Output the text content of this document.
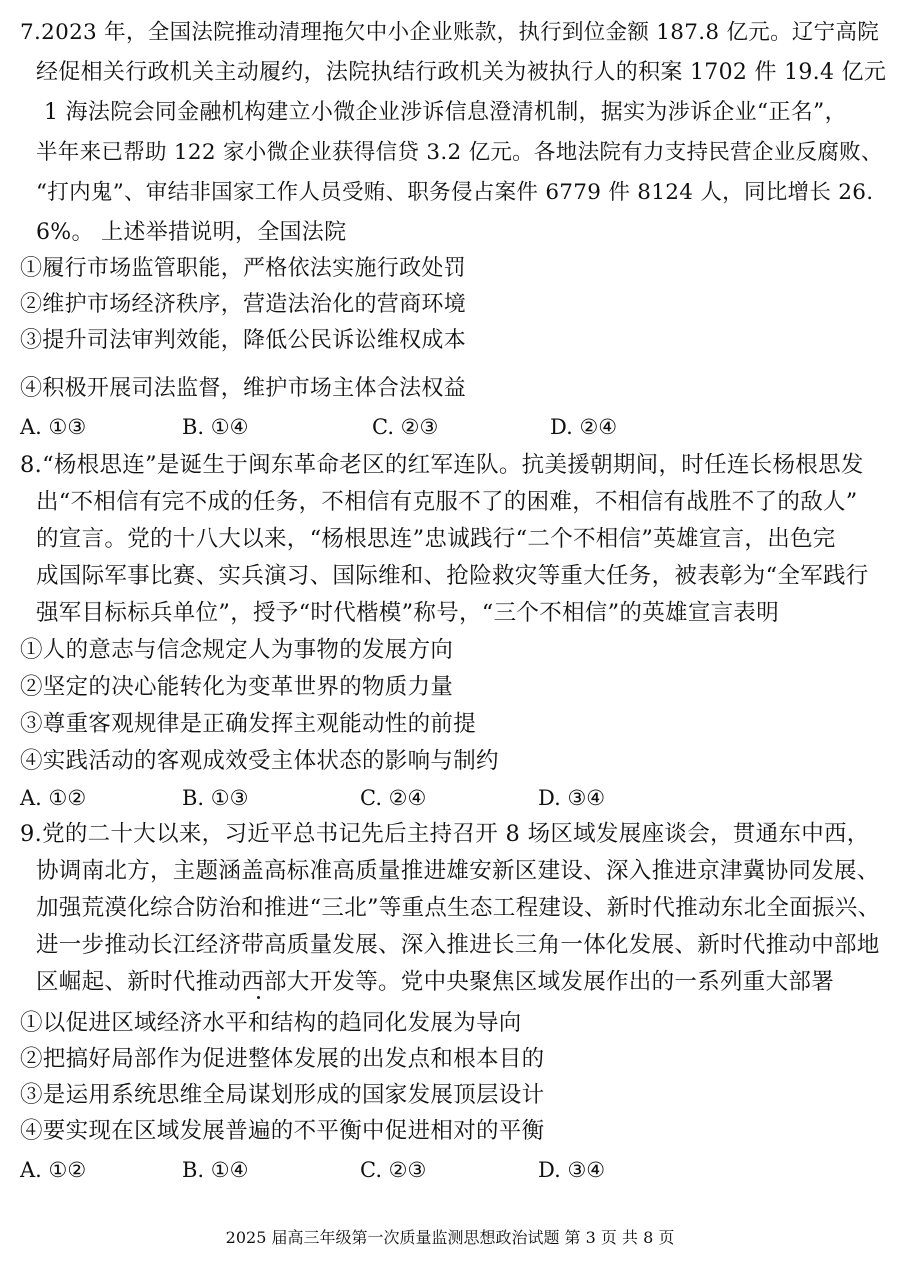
7.2023 年，全国法院推动清理拖欠中小企业账款，执行到位金额 187.8 亿元。辽宁高院
经促相关行政机关主动履约，法院执结行政机关为被执行人的积案 1702 件 19.4 亿元
1 海法院会同金融机构建立小微企业涉诉信息澄清机制，据实为涉诉企业“正名”，
半年来已帮助 122 家小微企业获得信贷 3.2 亿元。各地法院有力支持民营企业反腐败、
“打内鬼”、审结非国家工作人员受贿、职务侵占案件 6779 件 8124 人，同比增长 26.
6%。 上述举措说明，全国法院
①履行市场监管职能，严格依法实施行政处罚
②维护市场经济秩序，营造法治化的营商环境
③提升司法审判效能，降低公民诉讼维权成本
④积极开展司法监督，维护市场主体合法权益
A. ①③	B. ①④	C. ②③	D. ②④
8.“杨根思连”是诞生于闽东革命老区的红军连队。抗美援朝期间，时任连长杨根思发
出“不相信有完不成的任务，不相信有克服不了的困难，不相信有战胜不了的敌人”
的宣言。党的十八大以来，“杨根思连”忠诚践行“二个不相信”英雄宣言，出色完
成国际军事比赛、实兵演习、国际维和、抢险救灾等重大任务，被表彰为“全军践行
强军目标标兵单位”，授予“时代楷模”称号，“三个不相信”的英雄宣言表明
①人的意志与信念规定人为事物的发展方向
②坚定的决心能转化为变革世界的物质力量
③尊重客观规律是正确发挥主观能动性的前提
④实践活动的客观成效受主体状态的影响与制约
A. ①②	B. ①③	C. ②④	D. ③④
9.党的二十大以来，习近平总书记先后主持召开 8 场区域发展座谈会，贯通东中西，
协调南北方，主题涵盖高标准高质量推进雄安新区建设、深入推进京津冀协同发展、
加强荒漠化综合防治和推进“三北”等重点生态工程建设、新时代推动东北全面振兴、
进一步推动长江经济带高质量发展、深入推进长三角一体化发展、新时代推动中部地
区崛起、新时代推动西部大开发等。党中央聚焦区域发展作出的一系列重大部署
①以促进区域经济水平和结构的趋同化发展为导向
②把搞好局部作为促进整体发展的出发点和根本目的
③是运用系统思维全局谋划形成的国家发展顶层设计
④要实现在区域发展普遍的不平衡中促进相对的平衡
A. ①②	B. ①④	C. ②③	D. ③④
2025 届高三年级第一次质量监测思想政治试题 第 3 页 共 8 页
